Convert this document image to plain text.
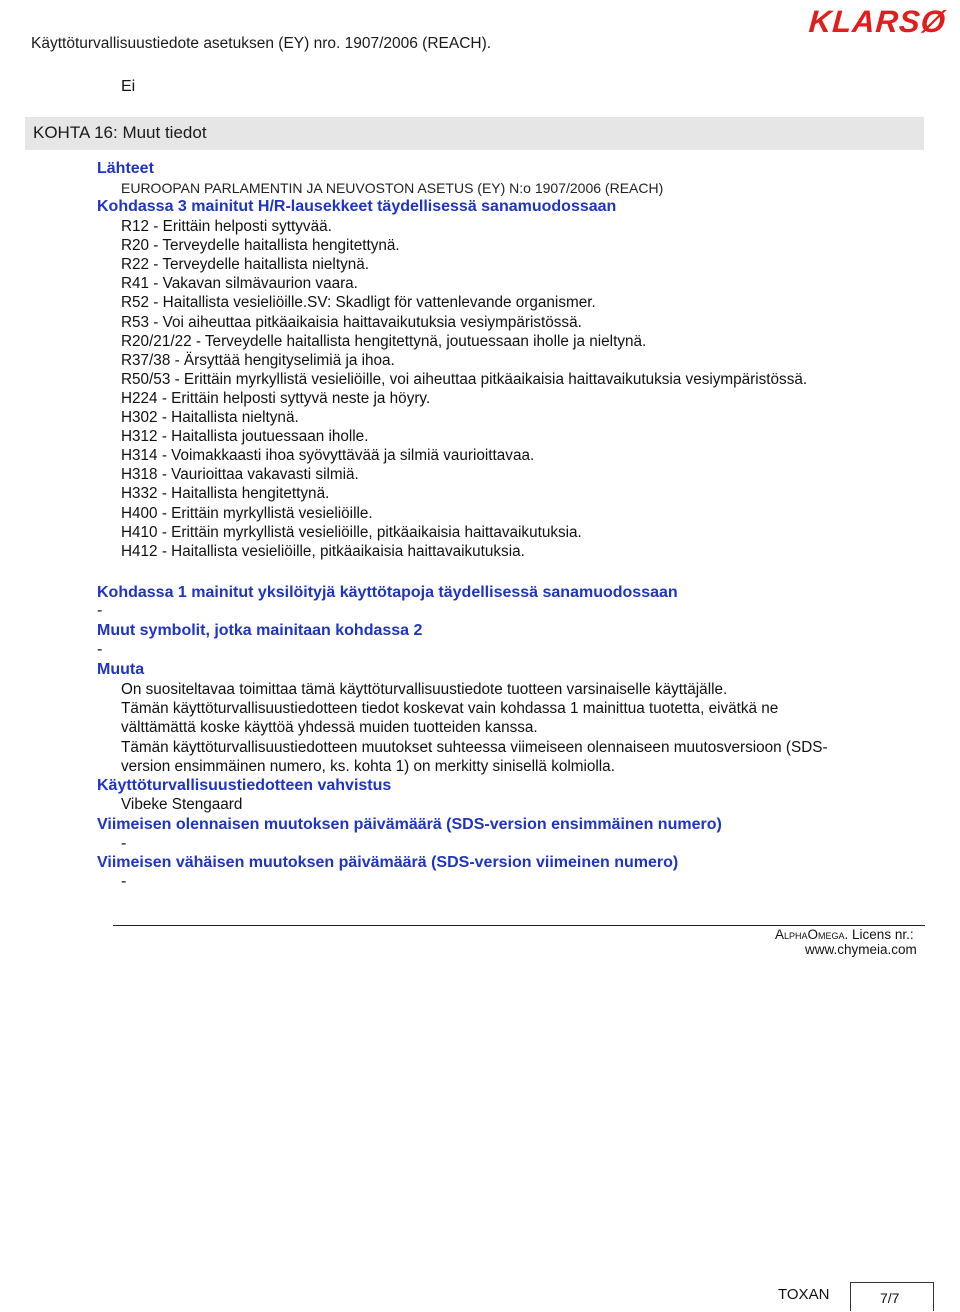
Käyttöturvallisuustiedote asetuksen (EY) nro. 1907/2006 (REACH).
KLARSØ
Ei
KOHTA 16: Muut tiedot
Lähteet
EUROOPAN PARLAMENTIN JA NEUVOSTON ASETUS (EY) N:o 1907/2006 (REACH)
Kohdassa 3 mainitut H/R-lausekkeet täydellisessä sanamuodossaan
R12 - Erittäin helposti syttyvää.
R20 - Terveydelle haitallista hengitettynä.
R22 - Terveydelle haitallista nieltynä.
R41 - Vakavan silmävaurion vaara.
R52 - Haitallista vesieliöille.SV: Skadligt för vattenlevande organismer.
R53 - Voi aiheuttaa pitkäaikaisia haittavaikutuksia vesiympäristössä.
R20/21/22 - Terveydelle haitallista hengitettynä, joutuessaan iholle ja nieltynä.
R37/38 - Ärsyttää hengityselimiä ja ihoa.
R50/53 - Erittäin myrkyllistä vesieliöille, voi aiheuttaa pitkäaikaisia haittavaikutuksia vesiympäristössä.
H224 - Erittäin helposti syttyvä neste ja höyry.
H302 - Haitallista nieltynä.
H312 - Haitallista joutuessaan iholle.
H314 - Voimakkaasti ihoa syövyttävää ja silmiä vaurioittavaa.
H318 - Vaurioittaa vakavasti silmiä.
H332 - Haitallista hengitettynä.
H400 - Erittäin myrkyllistä vesieliöille.
H410 - Erittäin myrkyllistä vesieliöille, pitkäaikaisia haittavaikutuksia.
H412 - Haitallista vesieliöille, pitkäaikaisia haittavaikutuksia.
Kohdassa 1 mainitut yksilöityjä käyttötapoja täydellisessä sanamuodossaan
-
Muut symbolit, jotka mainitaan kohdassa 2
-
Muuta
On suositeltavaa toimittaa tämä käyttöturvallisuustiedote tuotteen varsinaiselle käyttäjälle.
Tämän käyttöturvallisuustiedotteen tiedot koskevat vain kohdassa 1 mainittua tuotetta, eivätkä ne
välttämättä koske käyttöä yhdessä muiden tuotteiden kanssa.
Tämän käyttöturvallisuustiedotteen muutokset suhteessa viimeiseen olennaiseen muutosversioon (SDS-
version ensimmäinen numero, ks. kohta 1) on merkitty sinisellä kolmiolla.
Käyttöturvallisuustiedotteen vahvistus
Vibeke Stengaard
Viimeisen olennaisen muutoksen päivämäärä (SDS-version ensimmäinen numero)
-
Viimeisen vähäisen muutoksen päivämäärä (SDS-version viimeinen numero)
-
AlphaOmega. Licens nr.:
www.chymeia.com
TOXAN	7/7
